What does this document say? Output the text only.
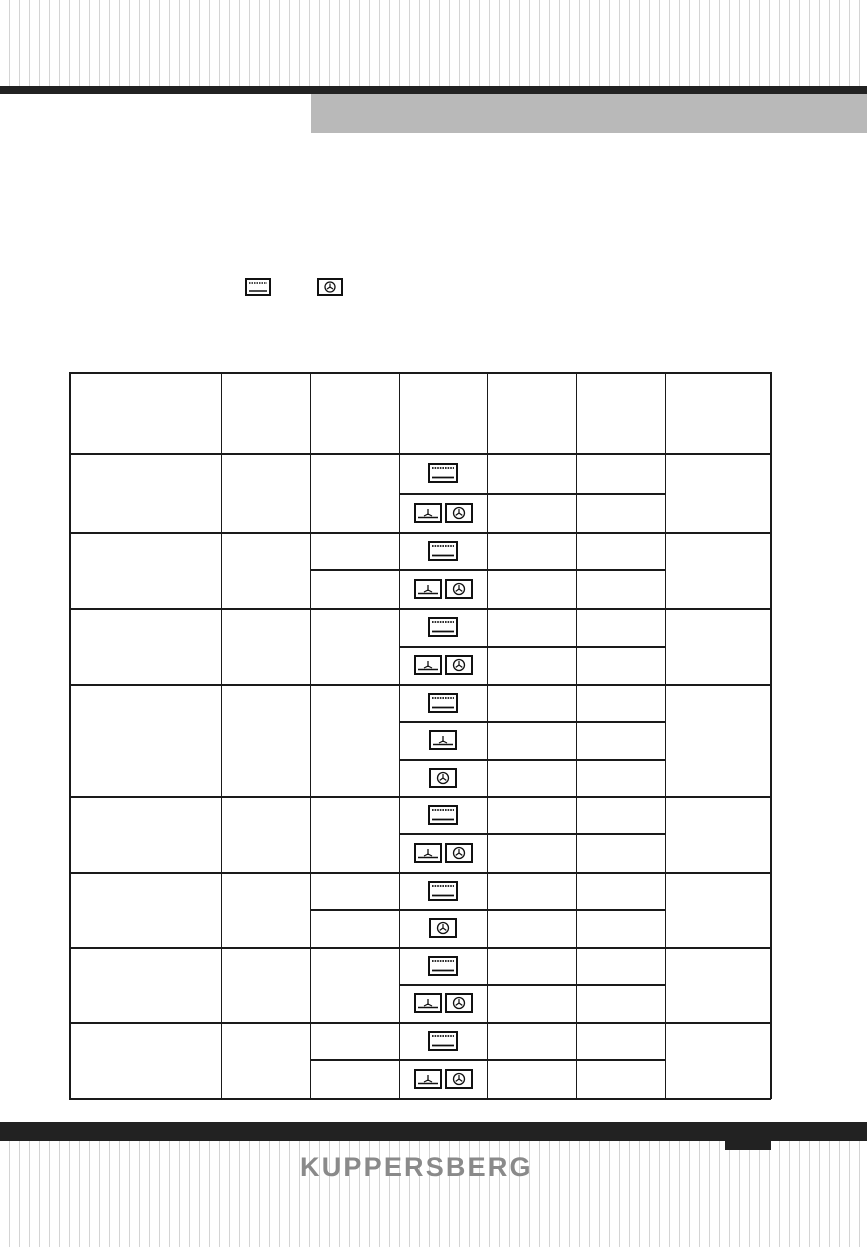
KUPPERSBERG
